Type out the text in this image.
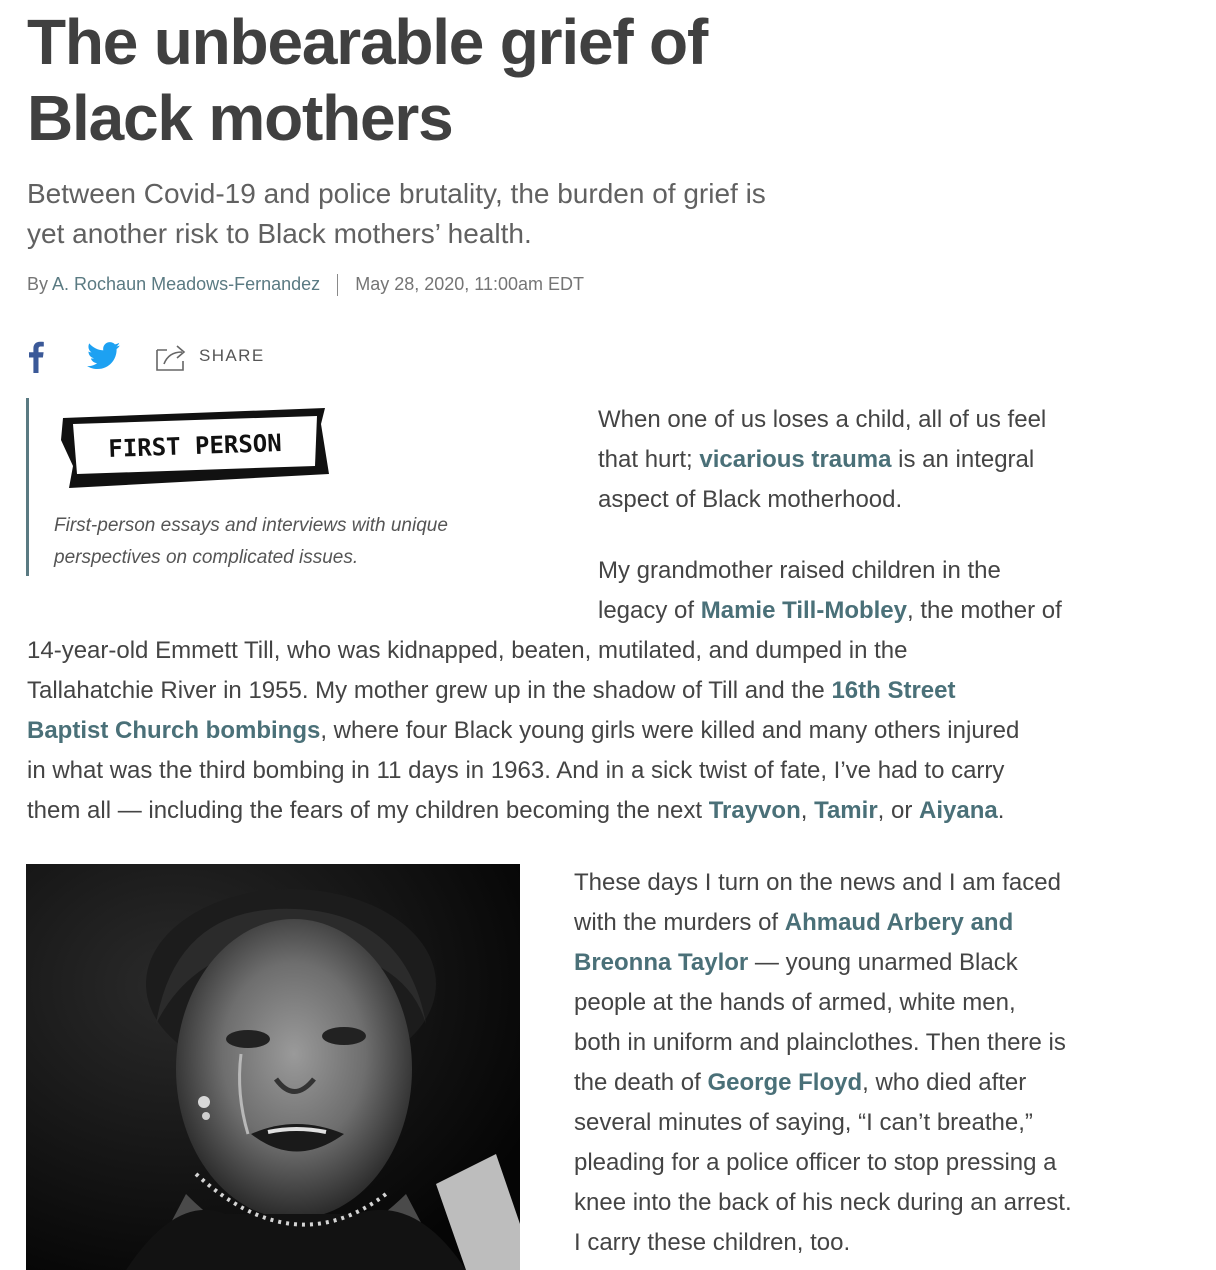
The unbearable grief of
Black mothers

Between Covid-19 and police brutality, the burden of grief is
yet another risk to Black mothers’ health.

By A. Rochaun Meadows-Fernandez May 28, 2020, 11:00am EDT
SHARE
FIRST PERSON

First-person essays and interviews with unique
perspectives on complicated issues.

When one of us loses a child, all of us feel
that hurt; vicarious trauma is an integral
aspect of Black motherhood.

My grandmother raised children in the
legacy of Mamie Till-Mobley, the mother of

14-year-old Emmett Till, who was kidnapped, beaten, mutilated, and dumped in the
Tallahatchie River in 1955. My mother grew up in the shadow of Till and the 16th Street
Baptist Church bombings, where four Black young girls were killed and many others injured
in what was the third bombing in 11 days in 1963. And in a sick twist of fate, I’ve had to carry
them all — including the fears of my children becoming the next Trayvon, Tamir, or Aiyana.

These days I turn on the news and I am faced
with the murders of Ahmaud Arbery and
Breonna Taylor — young unarmed Black
people at the hands of armed, white men,
both in uniform and plainclothes. Then there is
the death of George Floyd, who died after
several minutes of saying, “I can’t breathe,”
pleading for a police officer to stop pressing a
knee into the back of his neck during an arrest.
I carry these children, too.
